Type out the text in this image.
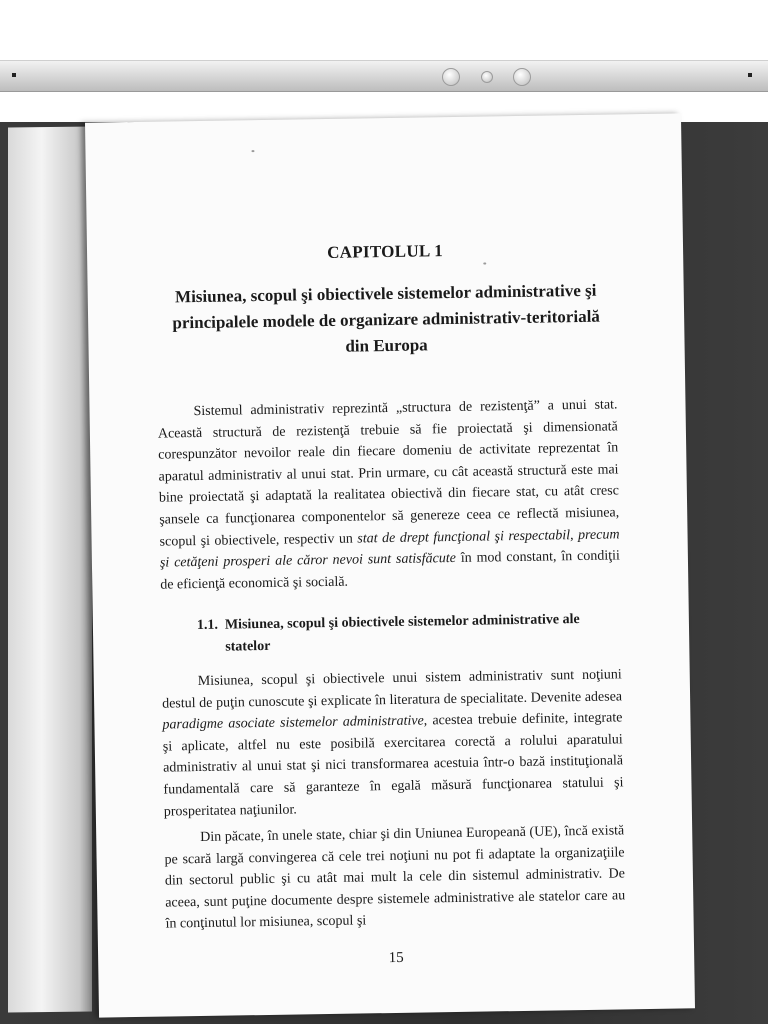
CAPITOLUL 1
Misiunea, scopul şi obiectivele sistemelor administrative şi
principalele modele de organizare administrativ-teritorială
din Europa

Sistemul administrativ reprezintă „structura de rezistenţă” a unui stat. Această structură de rezistenţă trebuie să fie proiectată şi dimensionată corespunzător nevoilor reale din fiecare domeniu de activitate reprezentat în aparatul administrativ al unui stat. Prin urmare, cu cât această structură este mai bine proiectată şi adaptată la realitatea obiectivă din fiecare stat, cu atât cresc şansele ca funcţionarea componentelor să genereze ceea ce reflectă misiunea, scopul şi obiectivele, respectiv un stat de drept funcţional şi respectabil, precum şi cetăţeni prosperi ale căror nevoi sunt satisfăcute în mod constant, în condiţii de eficienţă economică şi socială.

1.1. Misiunea, scopul şi obiectivele sistemelor administrative ale
statelor

Misiunea, scopul şi obiectivele unui sistem administrativ sunt noţiuni destul de puţin cunoscute şi explicate în literatura de specialitate. Devenite adesea paradigme asociate sistemelor administrative, acestea trebuie definite, integrate şi aplicate, altfel nu este posibilă exercitarea corectă a rolului aparatului administrativ al unui stat şi nici transformarea acestuia într-o bază instituţională fundamentală care să garanteze în egală măsură funcţionarea statului şi prosperitatea naţiunilor.

Din păcate, în unele state, chiar şi din Uniunea Europeană (UE), încă există pe scară largă convingerea că cele trei noţiuni nu pot fi adaptate la organizaţiile din sectorul public şi cu atât mai mult la cele din sistemul administrativ. De aceea, sunt puţine documente despre sistemele administrative ale statelor care au în conţinutul lor misiunea, scopul şi

15
